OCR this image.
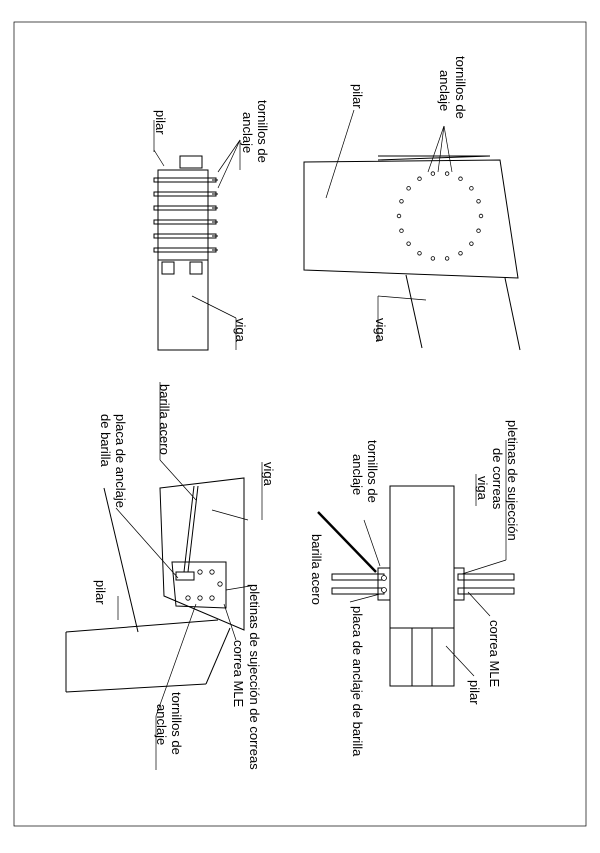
tornillos de
anclaje
pilar
viga
pilar	tornillos de
anclaje
viga
pletinas de sujección
de correas
tornillos de
anclaje	viga
barilla acero
placa de anclaje de barilla	correa MLE
pilar
barilla acero
placa de anclaje
de barilla
viga
pilar	pletinas de sujección de correas
correa MLE
tornillos de
anclaje
